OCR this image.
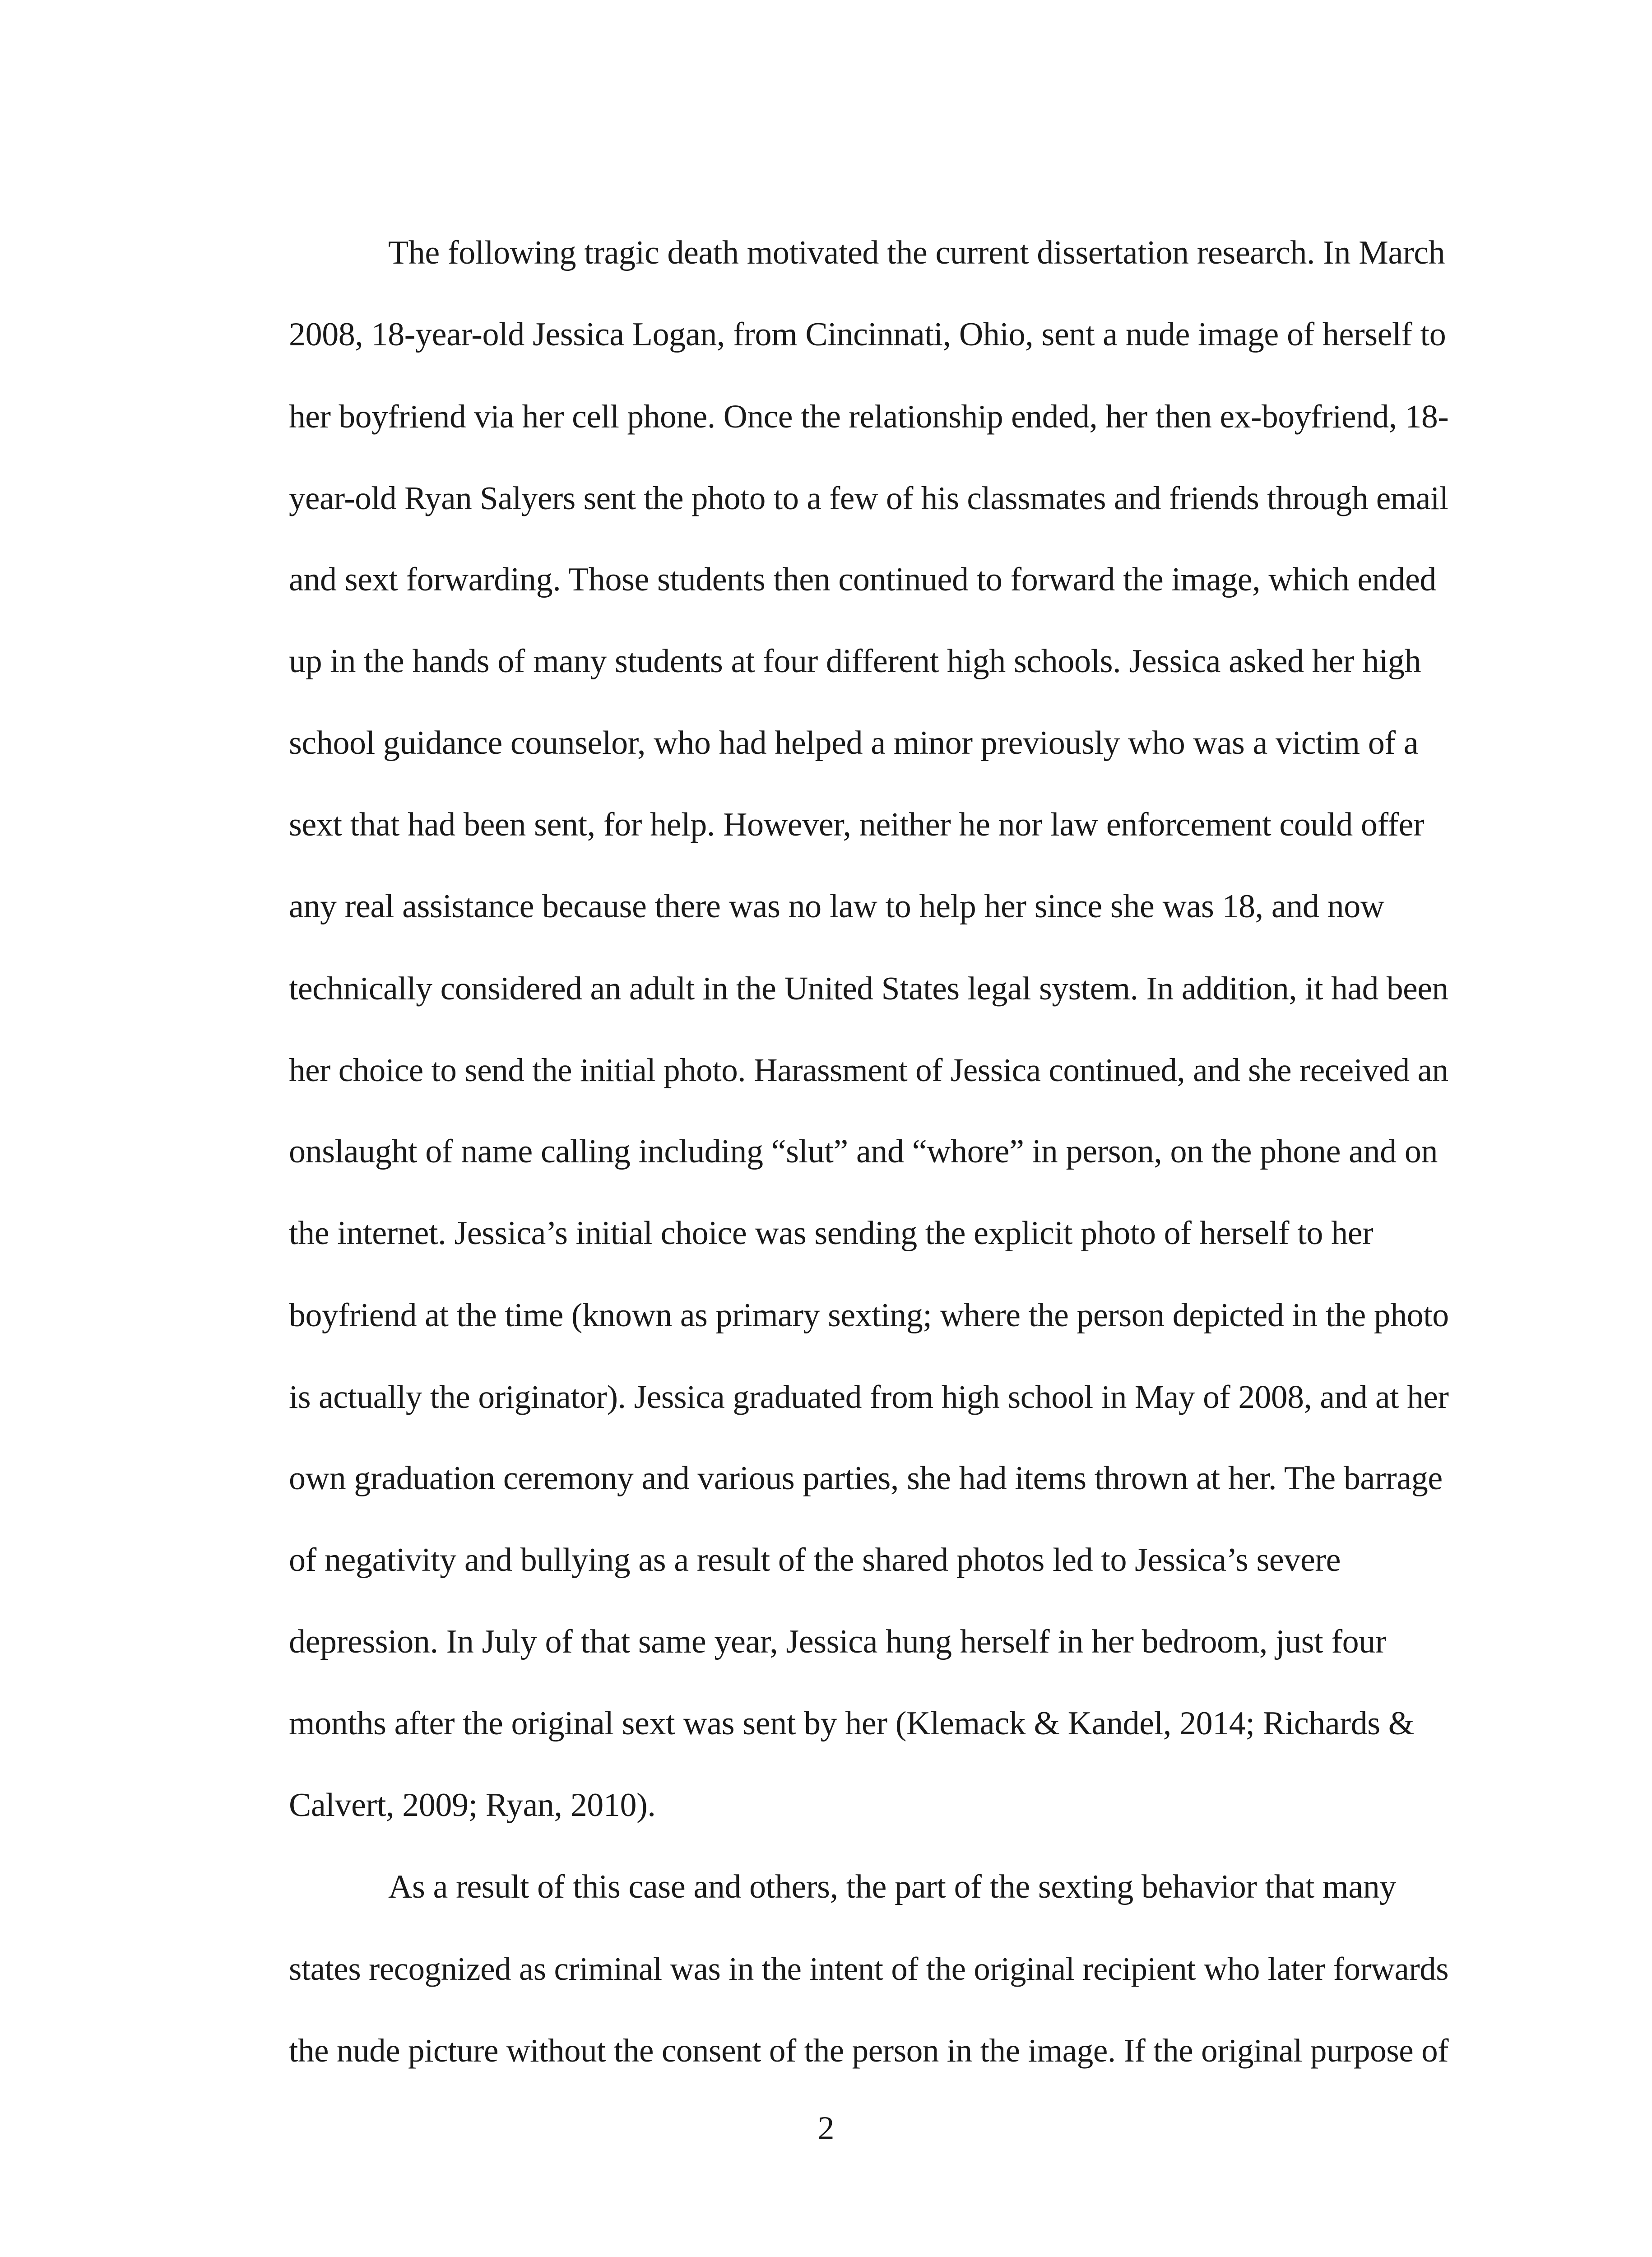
The following tragic death motivated the current dissertation research. In March
2008, 18-year-old Jessica Logan, from Cincinnati, Ohio, sent a nude image of herself to
her boyfriend via her cell phone. Once the relationship ended, her then ex-boyfriend, 18-
year-old Ryan Salyers sent the photo to a few of his classmates and friends through email
and sext forwarding. Those students then continued to forward the image, which ended
up in the hands of many students at four different high schools. Jessica asked her high
school guidance counselor, who had helped a minor previously who was a victim of a
sext that had been sent, for help. However, neither he nor law enforcement could offer
any real assistance because there was no law to help her since she was 18, and now
technically considered an adult in the United States legal system. In addition, it had been
her choice to send the initial photo. Harassment of Jessica continued, and she received an
onslaught of name calling including “slut” and “whore” in person, on the phone and on
the internet. Jessica’s initial choice was sending the explicit photo of herself to her
boyfriend at the time (known as primary sexting; where the person depicted in the photo
is actually the originator). Jessica graduated from high school in May of 2008, and at her
own graduation ceremony and various parties, she had items thrown at her. The barrage
of negativity and bullying as a result of the shared photos led to Jessica’s severe
depression. In July of that same year, Jessica hung herself in her bedroom, just four
months after the original sext was sent by her (Klemack & Kandel, 2014; Richards &
Calvert, 2009; Ryan, 2010).
As a result of this case and others, the part of the sexting behavior that many
states recognized as criminal was in the intent of the original recipient who later forwards
the nude picture without the consent of the person in the image. If the original purpose of
2
